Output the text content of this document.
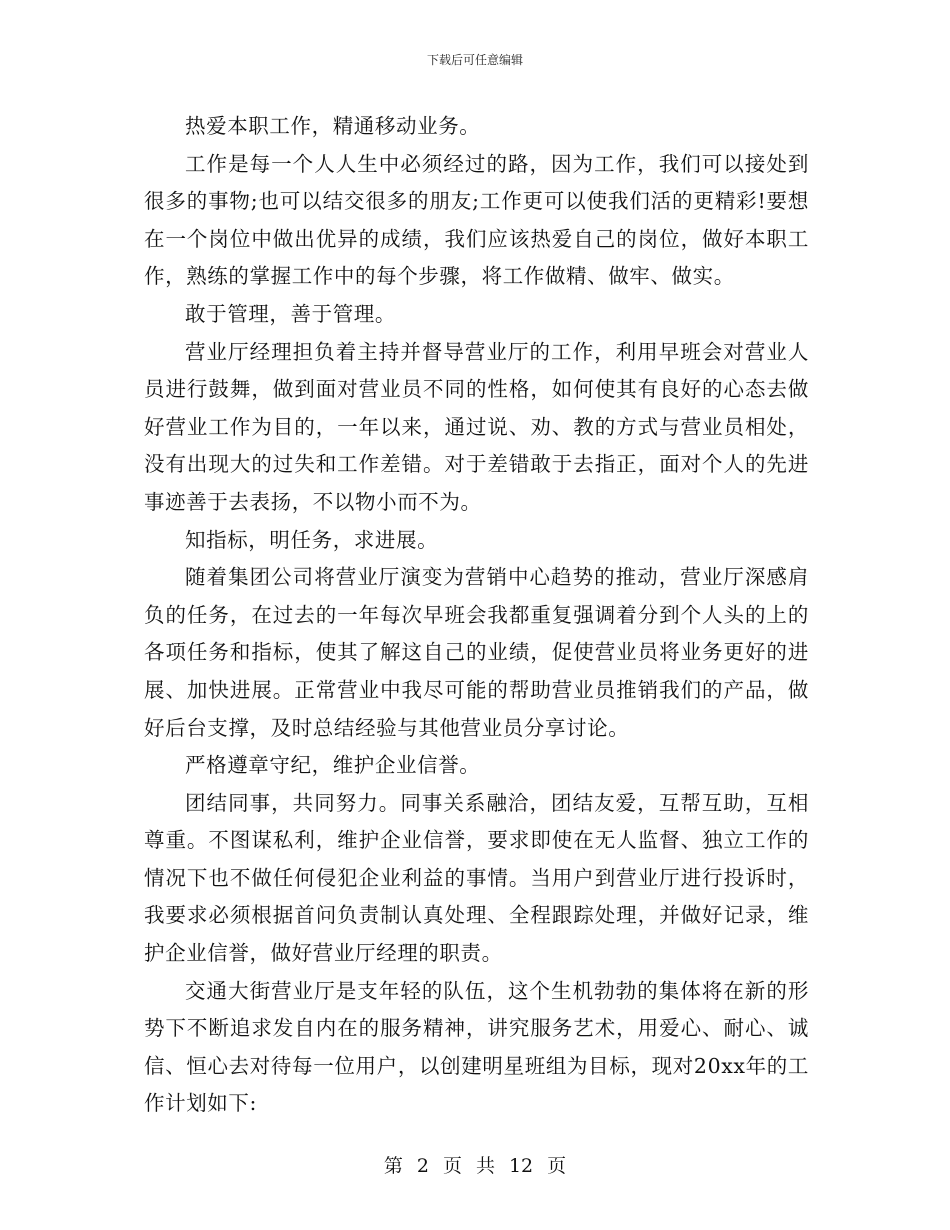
下载后可任意编辑

热爱本职工作，精通移动业务。

工作是每一个人人生中必须经过的路，因为工作，我们可以接处到很多的事物;也可以结交很多的朋友;工作更可以使我们活的更精彩!要想在一个岗位中做出优异的成绩，我们应该热爱自己的岗位，做好本职工作，熟练的掌握工作中的每个步骤，将工作做精、做牢、做实。

敢于管理，善于管理。

营业厅经理担负着主持并督导营业厅的工作，利用早班会对营业人员进行鼓舞，做到面对营业员不同的性格，如何使其有良好的心态去做好营业工作为目的，一年以来，通过说、劝、教的方式与营业员相处，没有出现大的过失和工作差错。对于差错敢于去指正，面对个人的先进事迹善于去表扬，不以物小而不为。

知指标，明任务，求进展。

随着集团公司将营业厅演变为营销中心趋势的推动，营业厅深感肩负的任务，在过去的一年每次早班会我都重复强调着分到个人头的上的各项任务和指标，使其了解这自己的业绩，促使营业员将业务更好的进展、加快进展。正常营业中我尽可能的帮助营业员推销我们的产品，做好后台支撑，及时总结经验与其他营业员分享讨论。

严格遵章守纪，维护企业信誉。

团结同事，共同努力。同事关系融洽，团结友爱，互帮互助，互相尊重。不图谋私利，维护企业信誉，要求即使在无人监督、独立工作的情况下也不做任何侵犯企业利益的事情。当用户到营业厅进行投诉时，我要求必须根据首问负责制认真处理、全程跟踪处理，并做好记录，维护企业信誉，做好营业厅经理的职责。

交通大街营业厅是支年轻的队伍，这个生机勃勃的集体将在新的形势下不断追求发自内在的服务精神，讲究服务艺术，用爱心、耐心、诚信、恒心去对待每一位用户，以创建明星班组为目标，现对20xx年的工作计划如下:

第 2 页 共 12 页
